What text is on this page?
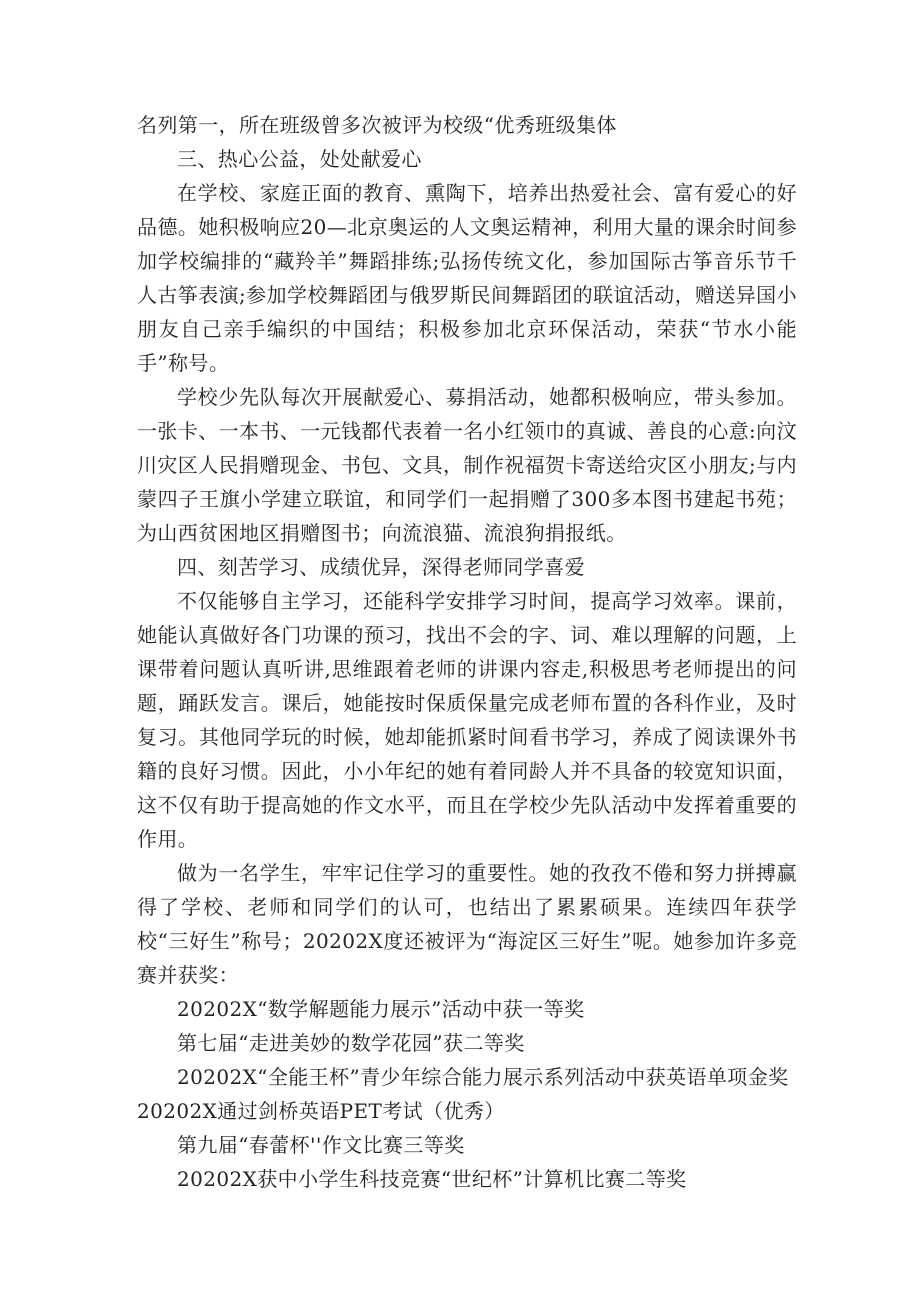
名列第一，所在班级曾多次被评为校级“优秀班级集体

三、热心公益，处处献爱心

在学校、家庭正面的教育、熏陶下，培养出热爱社会、富有爱心的好品德。她积极响应20—北京奥运的人文奥运精神，利用大量的课余时间参加学校编排的“藏羚羊”舞蹈排练;弘扬传统文化，参加国际古筝音乐节千人古筝表演;参加学校舞蹈团与俄罗斯民间舞蹈团的联谊活动，赠送异国小朋友自己亲手编织的中国结；积极参加北京环保活动，荣获“节水小能手”称号。

学校少先队每次开展献爱心、募捐活动，她都积极响应，带头参加。一张卡、一本书、一元钱都代表着一名小红领巾的真诚、善良的心意:向汶川灾区人民捐赠现金、书包、文具，制作祝福贺卡寄送给灾区小朋友;与内蒙四子王旗小学建立联谊，和同学们一起捐赠了300多本图书建起书苑；为山西贫困地区捐赠图书；向流浪猫、流浪狗捐报纸。

四、刻苦学习、成绩优异，深得老师同学喜爱

不仅能够自主学习，还能科学安排学习时间，提高学习效率。课前，她能认真做好各门功课的预习，找出不会的字、词、难以理解的问题，上课带着问题认真听讲,思维跟着老师的讲课内容走,积极思考老师提出的问题，踊跃发言。课后，她能按时保质保量完成老师布置的各科作业，及时复习。其他同学玩的时候，她却能抓紧时间看书学习，养成了阅读课外书籍的良好习惯。因此，小小年纪的她有着同龄人并不具备的较宽知识面，这不仅有助于提高她的作文水平，而且在学校少先队活动中发挥着重要的作用。

做为一名学生，牢牢记住学习的重要性。她的孜孜不倦和努力拼搏赢得了学校、老师和同学们的认可，也结出了累累硕果。连续四年获学校“三好生”称号；20202X度还被评为“海淀区三好生”呢。她参加许多竞赛并获奖：

20202X“数学解题能力展示”活动中获一等奖

第七届“走进美妙的数学花园”获二等奖

20202X“全能王杯”青少年综合能力展示系列活动中获英语单项金奖

20202X通过剑桥英语PET考试（优秀）

第九届“春蕾杯''作文比赛三等奖

20202X获中小学生科技竞赛“世纪杯”计算机比赛二等奖
